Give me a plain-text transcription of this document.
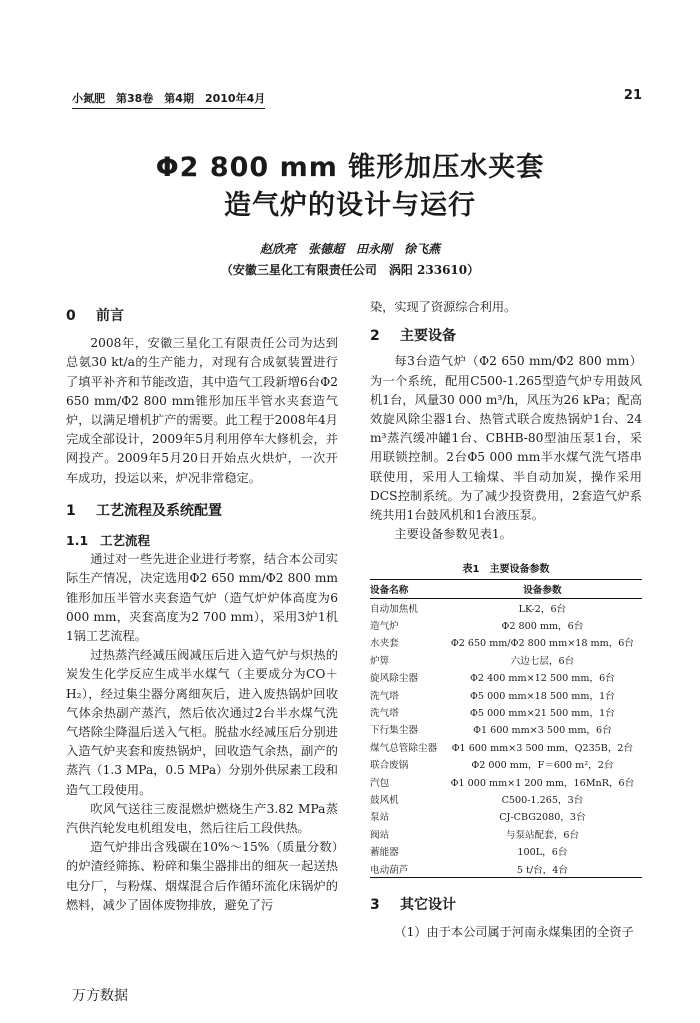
小氮肥　第38卷　第4期　2010年4月	21
Φ2 800 mm 锥形加压水夹套
造气炉的设计与运行
赵欣亮　张德超　田永刚　徐飞燕
（安徽三星化工有限责任公司　涡阳 233610）
0 前言

2008年，安徽三星化工有限责任公司为达到总氨30 kt/a的生产能力，对现有合成氨装置进行了填平补齐和节能改造，其中造气工段新增6台Φ2 650 mm/Φ2 800 mm锥形加压半管水夹套造气炉，以满足增机扩产的需要。此工程于2008年4月完成全部设计，2009年5月利用停车大修机会，并网投产。2009年5月20日开始点火烘炉，一次开车成功，投运以来，炉况非常稳定。

1 工艺流程及系统配置
1.1 工艺流程

通过对一些先进企业进行考察，结合本公司实际生产情况，决定选用Φ2 650 mm/Φ2 800 mm锥形加压半管水夹套造气炉（造气炉炉体高度为6 000 mm，夹套高度为2 700 mm），采用3炉1机1锅工艺流程。

过热蒸汽经减压阀减压后进入造气炉与炽热的炭发生化学反应生成半水煤气（主要成分为CO＋H₂），经过集尘器分离细灰后，进入废热锅炉回收气体余热副产蒸汽，然后依次通过2台半水煤气洗气塔除尘降温后送入气柜。脱盐水经减压后分别进入造气炉夹套和废热锅炉，回收造气余热，副产的蒸汽（1.3 MPa，0.5 MPa）分别外供尿素工段和造气工段使用。

吹风气送往三废混燃炉燃烧生产3.82 MPa蒸汽供汽轮发电机组发电，然后往后工段供热。

造气炉排出含残碳在10%～15%（质量分数）的炉渣经筛拣、粉碎和集尘器排出的细灰一起送热电分厂，与粉煤、烟煤混合后作循环流化床锅炉的燃料，减少了固体废物排放，避免了污

染，实现了资源综合利用。

2 主要设备

每3台造气炉（Φ2 650 mm/Φ2 800 mm）为一个系统，配用C500-1.265型造气炉专用鼓风机1台，风量30 000 m³/h，风压为26 kPa；配高效旋风除尘器1台、热管式联合废热锅炉1台、24 m³蒸汽缓冲罐1台、CBHB-80型油压泵1台，采用联锁控制。2台Φ5 000 mm半水煤气洗气塔串联使用，采用人工输煤、半自动加炭，操作采用DCS控制系统。为了减少投资费用，2套造气炉系统共用1台鼓风机和1台液压泵。

主要设备参数见表1。

表1　主要设备参数
设备名称	设备参数
自动加焦机	LK-2，6台
造气炉	Φ2 800 mm，6台
水夹套	Φ2 650 mm/Φ2 800 mm×18 mm，6台
炉箅	六边七层，6台
旋风除尘器	Φ2 400 mm×12 500 mm，6台
洗气塔	Φ5 000 mm×18 500 mm，1台
洗气塔	Φ5 000 mm×21 500 mm，1台
下行集尘器	Φ1 600 mm×3 500 mm，6台
煤气总管除尘器	Φ1 600 mm×3 500 mm，Q235B，2台
联合废锅	Φ2 000 mm，F＝600 m²，2台
汽包	Φ1 000 mm×1 200 mm，16MnR，6台
鼓风机	C500-1.265，3台
泵站	CJ-CBG2080，3台
阀站	与泵站配套，6台
蓄能器	100L，6台
电动葫芦	5 t/台，4台
3 其它设计

（1）由于本公司属于河南永煤集团的全资子

万方数据
